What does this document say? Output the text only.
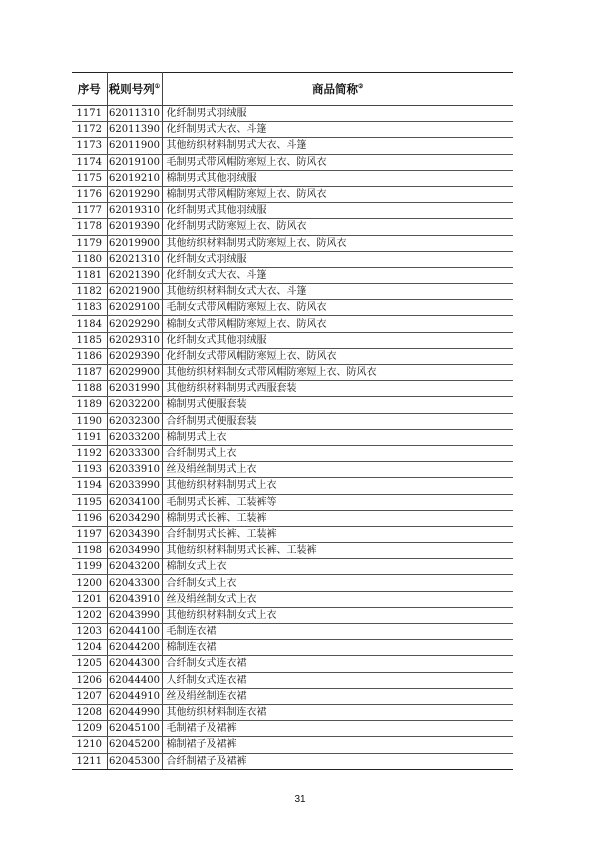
序号	税则号列①	商品简称②
1171	62011310	化纤制男式羽绒服
1172	62011390	化纤制男式大衣、斗篷
1173	62011900	其他纺织材料制男式大衣、斗篷
1174	62019100	毛制男式带风帽防寒短上衣、防风衣
1175	62019210	棉制男式其他羽绒服
1176	62019290	棉制男式带风帽防寒短上衣、防风衣
1177	62019310	化纤制男式其他羽绒服
1178	62019390	化纤制男式防寒短上衣、防风衣
1179	62019900	其他纺织材料制男式防寒短上衣、防风衣
1180	62021310	化纤制女式羽绒服
1181	62021390	化纤制女式大衣、斗篷
1182	62021900	其他纺织材料制女式大衣、斗篷
1183	62029100	毛制女式带风帽防寒短上衣、防风衣
1184	62029290	棉制女式带风帽防寒短上衣、防风衣
1185	62029310	化纤制女式其他羽绒服
1186	62029390	化纤制女式带风帽防寒短上衣、防风衣
1187	62029900	其他纺织材料制女式带风帽防寒短上衣、防风衣
1188	62031990	其他纺织材料制男式西服套装
1189	62032200	棉制男式便服套装
1190	62032300	合纤制男式便服套装
1191	62033200	棉制男式上衣
1192	62033300	合纤制男式上衣
1193	62033910	丝及绢丝制男式上衣
1194	62033990	其他纺织材料制男式上衣
1195	62034100	毛制男式长裤、工装裤等
1196	62034290	棉制男式长裤、工装裤
1197	62034390	合纤制男式长裤、工装裤
1198	62034990	其他纺织材料制男式长裤、工装裤
1199	62043200	棉制女式上衣
1200	62043300	合纤制女式上衣
1201	62043910	丝及绢丝制女式上衣
1202	62043990	其他纺织材料制女式上衣
1203	62044100	毛制连衣裙
1204	62044200	棉制连衣裙
1205	62044300	合纤制女式连衣裙
1206	62044400	人纤制女式连衣裙
1207	62044910	丝及绢丝制连衣裙
1208	62044990	其他纺织材料制连衣裙
1209	62045100	毛制裙子及裙裤
1210	62045200	棉制裙子及裙裤
1211	62045300	合纤制裙子及裙裤
31
